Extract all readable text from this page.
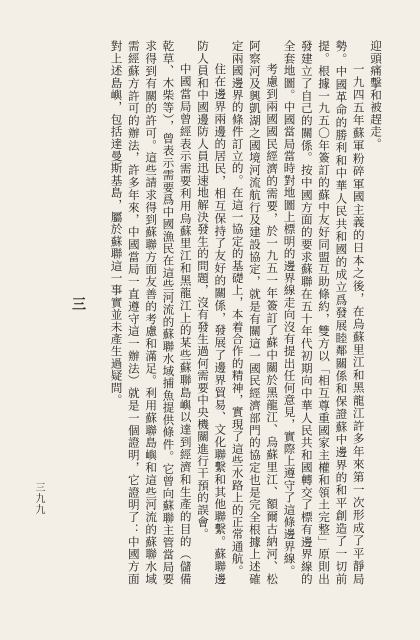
迎頭痛擊和被趕走。

一九四五年蘇軍粉碎軍國主義的日本之後，在烏蘇里江和黑龍江許多年來第一次形成了平靜局勢。中國革命的勝利和中華人民共和國的成立爲發展睦鄰關係和保證蘇中邊界的和平創造了一切前提。根據一九五〇年簽訂的蘇中友好同盟互助條約，雙方以「相互尊重國家主權和領土完整」原則出發建立了自己的關係。按中國方面的要求蘇聯在五十年代初期向中華人民共和國轉交了標有邊界線的全套地圖。中國當局當時對地圖上標明的邊界線走向沒有提出任何意見，實際上遵守了這條邊界線。

考慮到兩國國民經濟的需要，於一九五一年簽訂了蘇中關於黑龍江、烏蘇里江、額爾古納河、松阿察河及興凱湖之國境河流航行及建設協定，就是有關這一國民經濟部門的協定也是完全根據上述確定兩國邊界的條件訂立的。在這一協定的基礎上，本着合作的精神，實現了這些水路上的正常通航。

住在邊界兩邊的居民，相互保持了友好的關係，發展了邊界貿易、文化聯繫和其他聯繫。蘇聯邊防人員和中國邊防人員迅速地解決發生的問題，沒有發生過何需要中央機關進行干預的誤會。

中國當局曾經表示需要利用烏蘇里江和黑龍江上的某些蘇聯島嶼以達到經濟和生產的目的（儲備乾草、木柴等），曾表示需要爲中國漁民在這些河流的蘇聯水域捕魚提供條件。它曾向蘇聯主管當局要求得到有關的許可。這些請求得到蘇聯方面友善的考慮和滿足。利用蘇聯島嶼和這些河流的蘇聯水域需經蘇方許可的辦法，許多年來，中國當局一直遵守這一辦法）就是一個證明，它證明了：中國方面對上述島嶼，包括達曼斯基島，屬於蘇聯這一事實並未產生過疑問。

三
三九九
